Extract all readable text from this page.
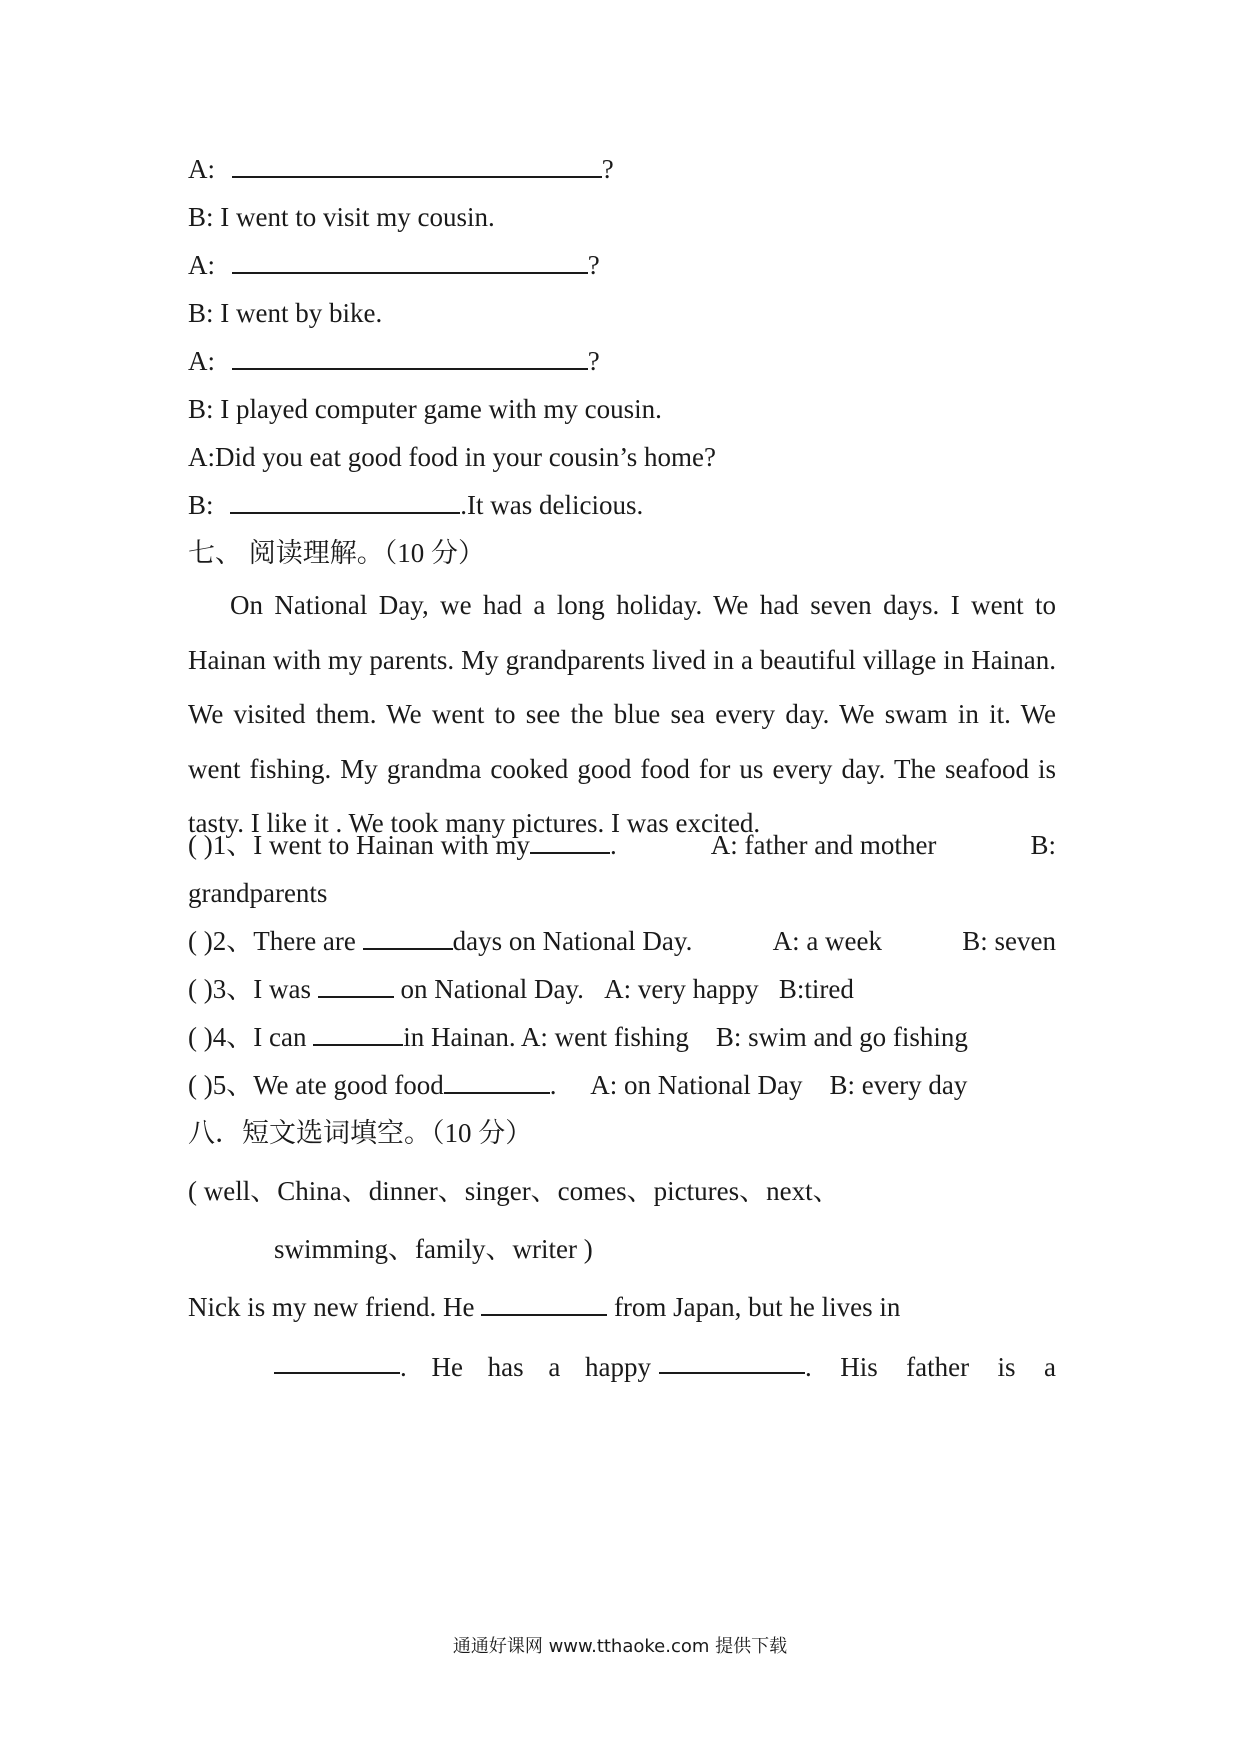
A:	?
B: I went to visit my cousin.
A:	?
B: I went by bike.
A:	?
B: I played computer game with my cousin.
A:Did you eat good food in your cousin’s home?
B:	.It was delicious.
七、 阅读理解。（10 分）

On National Day, we had a long holiday. We had seven days. I went to Hainan with my parents. My grandparents lived in a beautiful village in Hainan. We visited them. We went to see the blue sea every day. We swam in it. We went fishing. My grandma cooked good food for us every day. The seafood is tasty. I like it . We took many pictures. I was excited.

( )1、I went to Hainan with my	.	A: father and mother	B:
grandparents
( )2、There are	days on National Day.	A: a week	B: seven
( )3、I was	on National Day. A: very happy B:tired
( )4、I can	in Hainan. A: went fishing B: swim and go fishing
( )5、We ate good food	. A: on National Day B: every day
八．短文选词填空。（10 分）
( well、China、dinner、singer、comes、pictures、next、
swimming、family、writer )
Nick is my new friend. He	from Japan, but he lives in
. He has a happy	. His father is a
通通好课网 www.tthaoke.com 提供下载
